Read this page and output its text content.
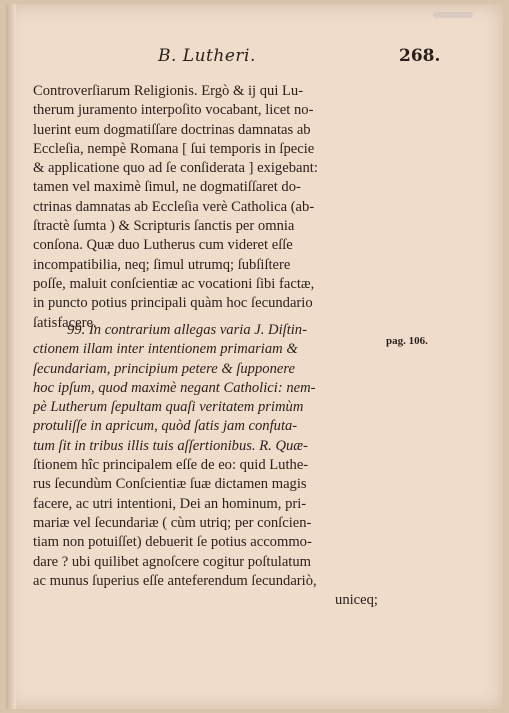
B. Lutheri.	268.
Controverſiarum Religionis. Ergò & ij qui Lu-
therum juramento interpoſito vocabant, licet no-
luerint eum dogmatiſſare doctrinas damnatas ab
Eccleſia, nempè Romana [ ſui temporis in ſpecie
& applicatione quo ad ſe conſiderata ] exigebant:
tamen vel maximè ſimul, ne dogmatiſſaret do-
ctrinas damnatas ab Eccleſia verè Catholica (ab-
ſtractè ſumta ) & Scripturis ſanctis per omnia
conſona. Quæ duo Lutherus cum videret eſſe
incompatibilia, neq; ſimul utrumq; ſubſiſtere
poſſe, maluit conſcientiæ ac vocationi ſibi factæ,
in puncto potius principali quàm hoc ſecundario
ſatisfacere.
pag. 106.
99. In contrarium allegas varia J. Diſtin-
ctionem illam inter intentionem primariam &
ſecundariam, principium petere & ſupponere
hoc ipſum, quod maximè negant Catholici: nem-
pè Lutherum ſepultam quaſi veritatem primùm
protuliſſe in apricum, quòd ſatis jam confuta-
tum ſit in tribus illis tuis aſſertionibus. R. Quæ-
ſtionem hîc principalem eſſe de eo: quid Luthe-
rus ſecundùm Conſcientiæ ſuæ dictamen magis
facere, ac utri intentioni, Dei an hominum, pri-
mariæ vel ſecundariæ ( cùm utriq; per conſcien-
tiam non potuiſſet) debuerit ſe potius accommo-
dare ? ubi quilibet agnoſcere cogitur poſtulatum
ac munus ſuperius eſſe anteferendum ſecundariò,
uniceq;
